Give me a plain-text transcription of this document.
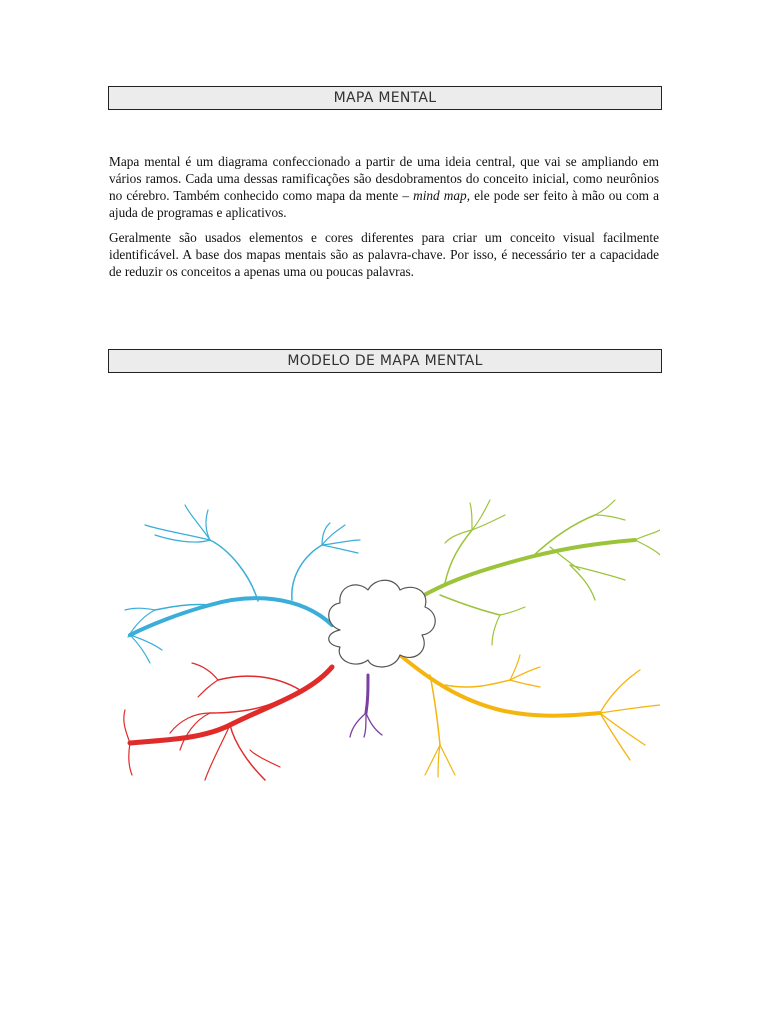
MAPA MENTAL

Mapa mental é um diagrama confeccionado a partir de uma ideia central, que vai se ampliando em vários ramos. Cada uma dessas ramificações são desdobramentos do conceito inicial, como neurônios no cérebro. Também conhecido como mapa da mente – mind map, ele pode ser feito à mão ou com a ajuda de programas e aplicativos.

Geralmente são usados elementos e cores diferentes para criar um conceito visual facilmente identificável. A base dos mapas mentais são as palavra-chave. Por isso, é necessário ter a capacidade de reduzir os conceitos a apenas uma ou poucas palavras.

MODELO DE MAPA MENTAL
